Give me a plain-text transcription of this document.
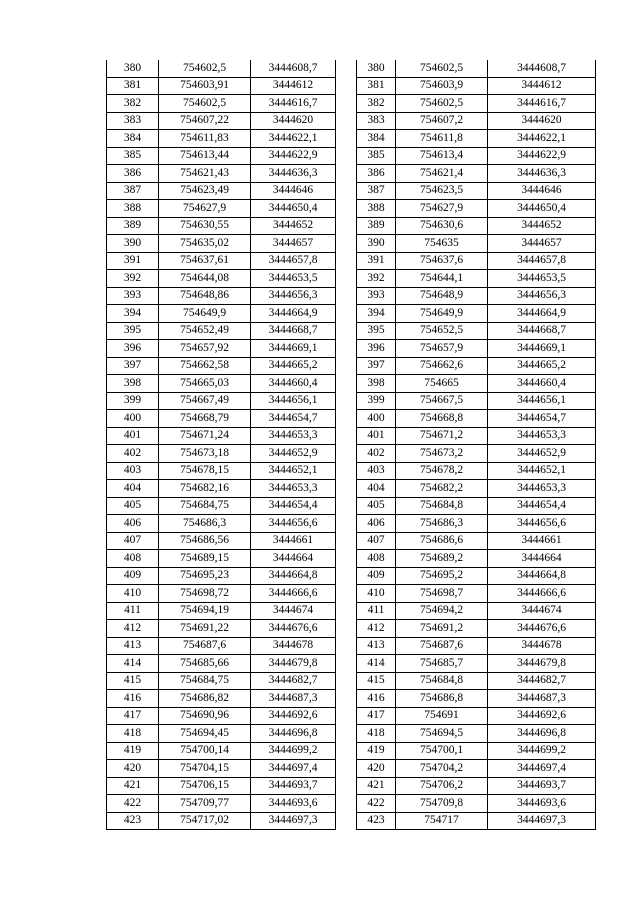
380	754602,5	3444608,7
381	754603,91	3444612
382	754602,5	3444616,7
383	754607,22	3444620
384	754611,83	3444622,1
385	754613,44	3444622,9
386	754621,43	3444636,3
387	754623,49	3444646
388	754627,9	3444650,4
389	754630,55	3444652
390	754635,02	3444657
391	754637,61	3444657,8
392	754644,08	3444653,5
393	754648,86	3444656,3
394	754649,9	3444664,9
395	754652,49	3444668,7
396	754657,92	3444669,1
397	754662,58	3444665,2
398	754665,03	3444660,4
399	754667,49	3444656,1
400	754668,79	3444654,7
401	754671,24	3444653,3
402	754673,18	3444652,9
403	754678,15	3444652,1
404	754682,16	3444653,3
405	754684,75	3444654,4
406	754686,3	3444656,6
407	754686,56	3444661
408	754689,15	3444664
409	754695,23	3444664,8
410	754698,72	3444666,6
411	754694,19	3444674
412	754691,22	3444676,6
413	754687,6	3444678
414	754685,66	3444679,8
415	754684,75	3444682,7
416	754686,82	3444687,3
417	754690,96	3444692,6
418	754694,45	3444696,8
419	754700,14	3444699,2
420	754704,15	3444697,4
421	754706,15	3444693,7
422	754709,77	3444693,6
423	754717,02	3444697,3
380	754602,5	3444608,7
381	754603,9	3444612
382	754602,5	3444616,7
383	754607,2	3444620
384	754611,8	3444622,1
385	754613,4	3444622,9
386	754621,4	3444636,3
387	754623,5	3444646
388	754627,9	3444650,4
389	754630,6	3444652
390	754635	3444657
391	754637,6	3444657,8
392	754644,1	3444653,5
393	754648,9	3444656,3
394	754649,9	3444664,9
395	754652,5	3444668,7
396	754657,9	3444669,1
397	754662,6	3444665,2
398	754665	3444660,4
399	754667,5	3444656,1
400	754668,8	3444654,7
401	754671,2	3444653,3
402	754673,2	3444652,9
403	754678,2	3444652,1
404	754682,2	3444653,3
405	754684,8	3444654,4
406	754686,3	3444656,6
407	754686,6	3444661
408	754689,2	3444664
409	754695,2	3444664,8
410	754698,7	3444666,6
411	754694,2	3444674
412	754691,2	3444676,6
413	754687,6	3444678
414	754685,7	3444679,8
415	754684,8	3444682,7
416	754686,8	3444687,3
417	754691	3444692,6
418	754694,5	3444696,8
419	754700,1	3444699,2
420	754704,2	3444697,4
421	754706,2	3444693,7
422	754709,8	3444693,6
423	754717	3444697,3
